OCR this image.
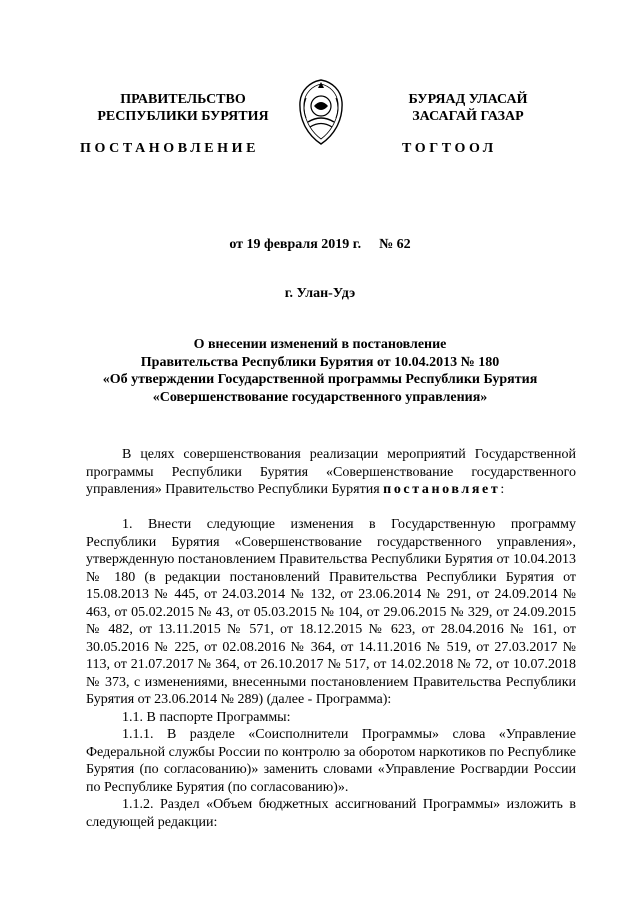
ПРАВИТЕЛЬСТВО
РЕСПУБЛИКИ БУРЯТИЯ
БУРЯАД УЛАСАЙ
ЗАСАГАЙ ГАЗАР
ПОСТАНОВЛЕНИЕ	ТОГТООЛ
от 19 февраля 2019 г. № 62
г. Улан-Удэ
О внесении изменений в постановление
Правительства Республики Бурятия от 10.04.2013 № 180
«Об утверждении Государственной программы Республики Бурятия
«Совершенствование государственного управления»

В целях совершенствования реализации мероприятий Государственной программы Республики Бурятия «Совершенствование государственного управления» Правительство Республики Бурятия постановляет:

1. Внести следующие изменения в Государственную программу Республики Бурятия «Совершенствование государственного управления», утвержденную постановлением Правительства Республики Бурятия от 10.04.2013 № 180 (в редакции постановлений Правительства Республики Бурятия от 15.08.2013 № 445, от 24.03.2014 № 132, от 23.06.2014 № 291, от 24.09.2014 № 463, от 05.02.2015 № 43, от 05.03.2015 № 104, от 29.06.2015 № 329, от 24.09.2015 № 482, от 13.11.2015 № 571, от 18.12.2015 № 623, от 28.04.2016 № 161, от 30.05.2016 № 225, от 02.08.2016 № 364, от 14.11.2016 № 519, от 27.03.2017 № 113, от 21.07.2017 № 364, от 26.10.2017 № 517, от 14.02.2018 № 72, от 10.07.2018 № 373, с изменениями, внесенными постановлением Правительства Республики Бурятия от 23.06.2014 № 289) (далее - Программа):

1.1. В паспорте Программы:

1.1.1. В разделе «Соисполнители Программы» слова «Управление Федеральной службы России по контролю за оборотом наркотиков по Республике Бурятия (по согласованию)» заменить словами «Управление Росгвардии России по Республике Бурятия (по согласованию)».

1.1.2. Раздел «Объем бюджетных ассигнований Программы» изложить в следующей редакции:
